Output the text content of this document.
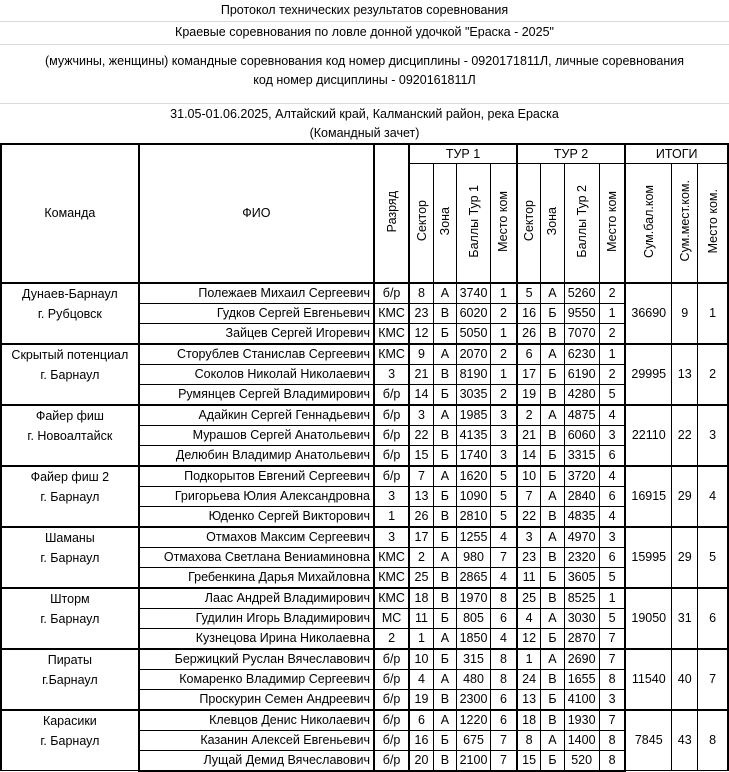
Протокол технических результатов соревнования
Краевые соревнования по ловле донной удочкой "Ераска - 2025"
(мужчины, женщины) командные соревнования код номер дисциплины - 0920171811Л, личные соревнования
код номер дисциплины - 0920161811Л
31.05-01.06.2025, Алтайский край, Калманский район, река Ераска
(Командный зачет)
Команда	ФИО	Разряд	ТУР 1				ТУР 2				ИТОГИ		
			Сектор	Зона	Баллы Тур 1	Место ком	Сектор	Зона	Баллы Тур 2	Место ком	Сум.бал.ком	Сум.мест.ком.	Место ком.

Дунаев-Барнаул
г. Рубцовск	Полежаев Михаил Сергеевич	б/р	8	А	3740	1	5	А	5260	2	36690	9	1
	Гудков Сергей Евгеньевич	КМС	23	В	6020	2	16	Б	9550	1			
	Зайцев Сергей Игоревич	КМС	12	Б	5050	1	26	В	7070	2			

Скрытый потенциал
г. Барнаул	Сторублев Станислав Сергеевич	КМС	9	А	2070	2	6	А	6230	1	29995	13	2
	Соколов Николай Николаевич	3	21	В	8190	1	17	Б	6190	2			
	Румянцев Сергей Владимирович	б/р	14	Б	3035	2	19	В	4280	5			

Файер фиш
г. Новоалтайск	Адайкин Сергей Геннадьевич	б/р	3	А	1985	3	2	А	4875	4	22110	22	3
	Мурашов Сергей Анатольевич	б/р	22	В	4135	3	21	В	6060	3			
	Делюбин Владимир Анатольевич	б/р	15	Б	1740	3	14	Б	3315	6			

Файер фиш 2
г. Барнаул	Подкорытов Евгений Сергеевич	б/р	7	А	1620	5	10	Б	3720	4	16915	29	4
	Григорьева Юлия Александровна	3	13	Б	1090	5	7	А	2840	6			
	Юденко Сергей Викторович	1	26	В	2810	5	22	В	4835	4			

Шаманы
г. Барнаул	Отмахов Максим Сергеевич	3	17	Б	1255	4	3	А	4970	3	15995	29	5
	Отмахова Светлана Вениаминовна	КМС	2	А	980	7	23	В	2320	6			
	Гребенкина Дарья Михайловна	КМС	25	В	2865	4	11	Б	3605	5			

Шторм
г. Барнаул	Лаас Андрей Владимирович	КМС	18	В	1970	8	25	В	8525	1	19050	31	6
	Гудилин Игорь Владимирович	МС	11	Б	805	6	4	А	3030	5			
	Кузнецова Ирина Николаевна	2	1	А	1850	4	12	Б	2870	7			

Пираты
г.Барнаул	Бержицкий Руслан Вячеславович	б/р	10	Б	315	8	1	А	2690	7	11540	40	7
	Комаренко Владимир Сергеевич	б/р	4	А	480	8	24	В	1655	8			
	Проскурин Семен Андреевич	б/р	19	В	2300	6	13	Б	4100	3			

Карасики
г. Барнаул	Клевцов Денис Николаевич	б/р	6	А	1220	6	18	В	1930	7	7845	43	8
	Казанин Алексей Евгеньевич	б/р	16	Б	675	7	8	А	1400	8			
	Лущай Демид Вячеславович	б/р	20	В	2100	7	15	Б	520	8			
